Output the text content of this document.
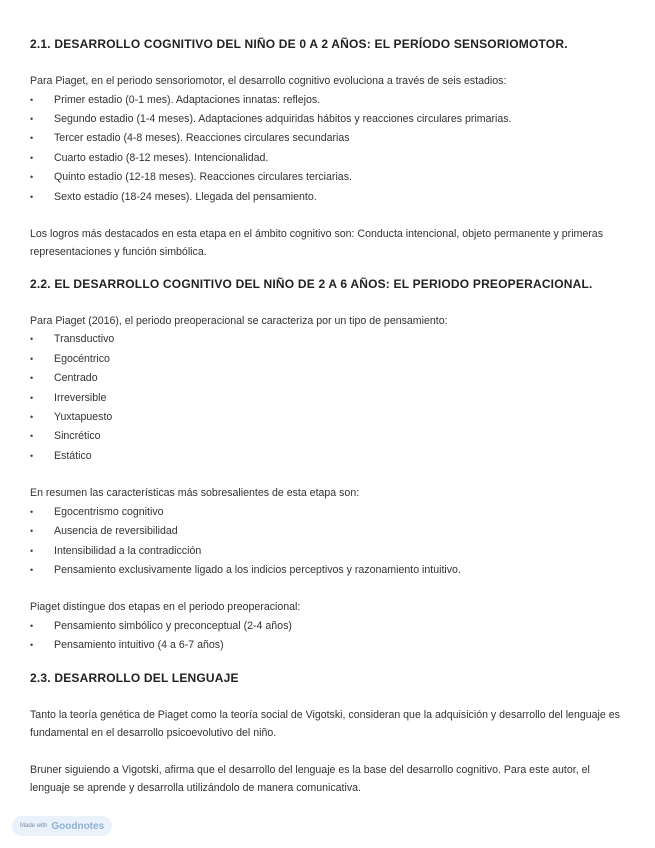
2.1. DESARROLLO COGNITIVO DEL NIÑO DE 0 A 2 AÑOS: EL PERÍODO SENSORIOMOTOR.

Para Piaget, en el periodo sensoriomotor, el desarrollo cognitivo evoluciona a través de seis estadios:

• Primer estadio (0-1 mes). Adaptaciones innatas: reflejos.
• Segundo estadio (1-4 meses). Adaptaciones adquiridas hábitos y reacciones circulares primarias.
• Tercer estadio (4-8 meses). Reacciones circulares secundarias
• Cuarto estadio (8-12 meses). Intencionalidad.
• Quinto estadio (12-18 meses). Reacciones circulares terciarias.
• Sexto estadio (18-24 meses). Llegada del pensamiento.

Los logros más destacados en esta etapa en el ámbito cognitivo son: Conducta intencional, objeto permanente y primeras representaciones y función simbólica.

2.2. EL DESARROLLO COGNITIVO DEL NIÑO DE 2 A 6 AÑOS: EL PERIODO PREOPERACIONAL.

Para Piaget (2016), el periodo preoperacional se caracteriza por un tipo de pensamiento:

• Transductivo
• Egocéntrico
• Centrado
• Irreversible
• Yuxtapuesto
• Sincrético
• Estático

En resumen las características más sobresalientes de esta etapa son:

• Egocentrismo cognitivo
• Ausencia de reversibilidad
• Intensibilidad a la contradicción
• Pensamiento exclusivamente ligado a los indicios perceptivos y razonamiento intuitivo.

Piaget distingue dos etapas en el periodo preoperacional:

• Pensamiento simbólico y preconceptual (2-4 años)
• Pensamiento intuitivo (4 a 6-7 años)
2.3. DESARROLLO DEL LENGUAJE

Tanto la teoría genética de Piaget como la teoría social de Vigotski, consideran que la adquisición y desarrollo del lenguaje es fundamental en el desarrollo psicoevolutivo del niño.

Bruner siguiendo a Vigotski, afirma que el desarrollo del lenguaje es la base del desarrollo cognitivo. Para este autor, el lenguaje se aprende y desarrolla utilizándolo de manera comunicativa.

Made with Goodnotes
